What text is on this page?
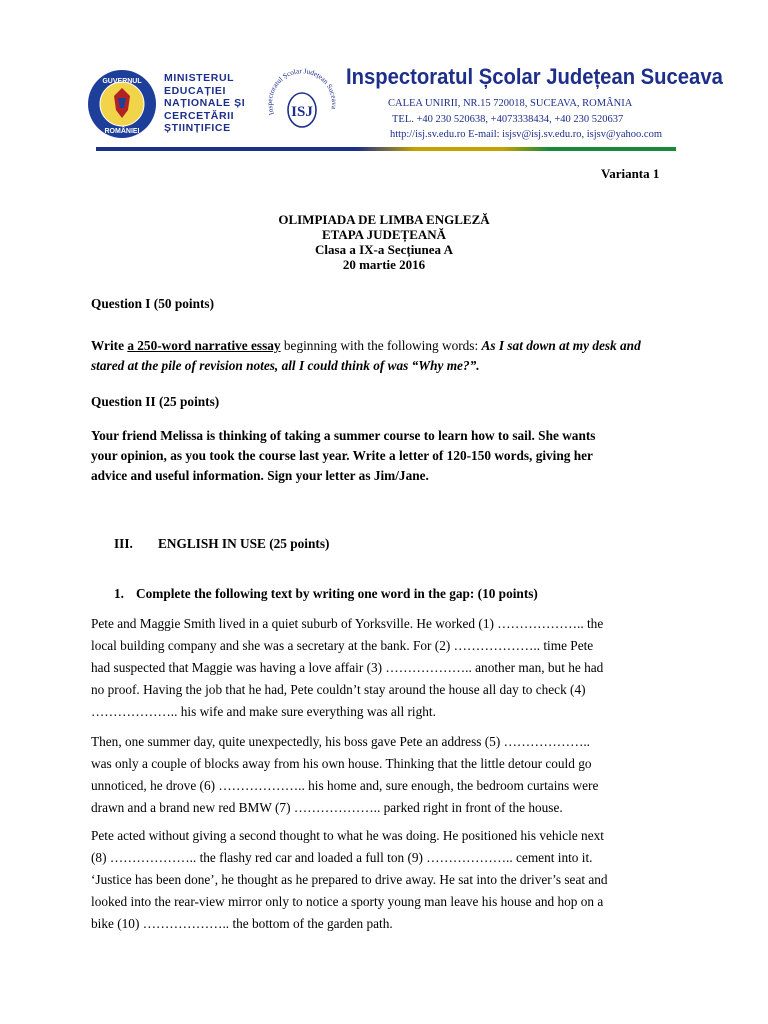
GUVERNUL
ROMÂNIEI
MINISTERUL
EDUCAȚIEI
NAȚIONALE ȘI
CERCETĂRII
ȘTIINȚIFICE
Inspectoratul Școlar Județean Suceava
ISJ
Inspectoratul Școlar Județean Suceava
CALEA UNIRII, NR.15 720018, SUCEAVA, ROMÂNIA
TEL. +40 230 520638, +4073338434, +40 230 520637
http://isj.sv.edu.ro E-mail: isjsv@isj.sv.edu.ro, isjsv@yahoo.com
Varianta 1
OLIMPIADA DE LIMBA ENGLEZĂ
ETAPA JUDEȚEANĂ
Clasa a IX-a Secțiunea A
20 martie 2016
Question I (50 points)
Write a 250-word narrative essay beginning with the following words: As I sat down at my desk and
stared at the pile of revision notes, all I could think of was “Why me?”.
Question II (25 points)
Your friend Melissa is thinking of taking a summer course to learn how to sail. She wants
your opinion, as you took the course last year. Write a letter of 120-150 words, giving her
advice and useful information. Sign your letter as Jim/Jane.
III. ENGLISH IN USE (25 points)
1. Complete the following text by writing one word in the gap: (10 points)
Pete and Maggie Smith lived in a quiet suburb of Yorksville. He worked (1) ……………….. the
local building company and she was a secretary at the bank. For (2) ……………….. time Pete
had suspected that Maggie was having a love affair (3) ……………….. another man, but he had
no proof. Having the job that he had, Pete couldn’t stay around the house all day to check (4)
……………….. his wife and make sure everything was all right.
Then, one summer day, quite unexpectedly, his boss gave Pete an address (5) ………………..
was only a couple of blocks away from his own house. Thinking that the little detour could go
unnoticed, he drove (6) ……………….. his home and, sure enough, the bedroom curtains were
drawn and a brand new red BMW (7) ……………….. parked right in front of the house.
Pete acted without giving a second thought to what he was doing. He positioned his vehicle next
(8) ……………….. the flashy red car and loaded a full ton (9) ……………….. cement into it.
‘Justice has been done’, he thought as he prepared to drive away. He sat into the driver’s seat and
looked into the rear-view mirror only to notice a sporty young man leave his house and hop on a
bike (10) ……………….. the bottom of the garden path.
